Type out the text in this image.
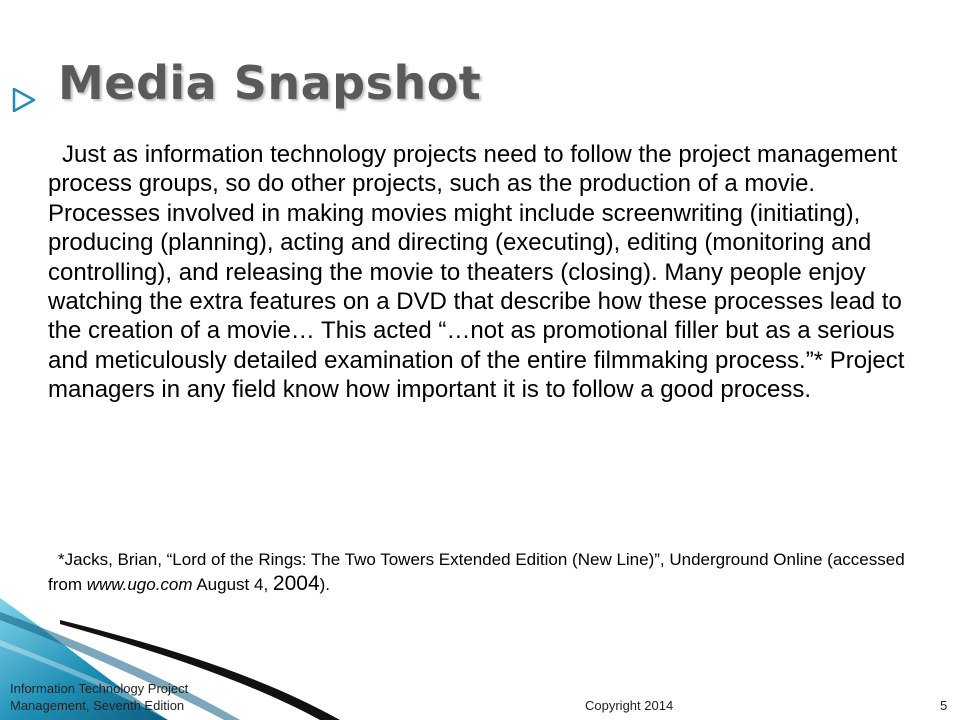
Media Snapshot

Just as information technology projects need to follow the project management process groups, so do other projects, such as the production of a movie. Processes involved in making movies might include screenwriting (initiating), producing (planning), acting and directing (executing), editing (monitoring and controlling), and releasing the movie to theaters (closing). Many people enjoy watching the extra features on a DVD that describe how these processes lead to the creation of a movie… This acted “…not as promotional filler but as a serious and meticulously detailed examination of the entire filmmaking process.”* Project managers in any field know how important it is to follow a good process.

*Jacks, Brian, “Lord of the Rings: The Two Towers Extended Edition (New Line)”, Underground Online (accessed from www.ugo.com August 4, 2004).

Information Technology Project Management, Seventh Edition	Copyright 2014	5
